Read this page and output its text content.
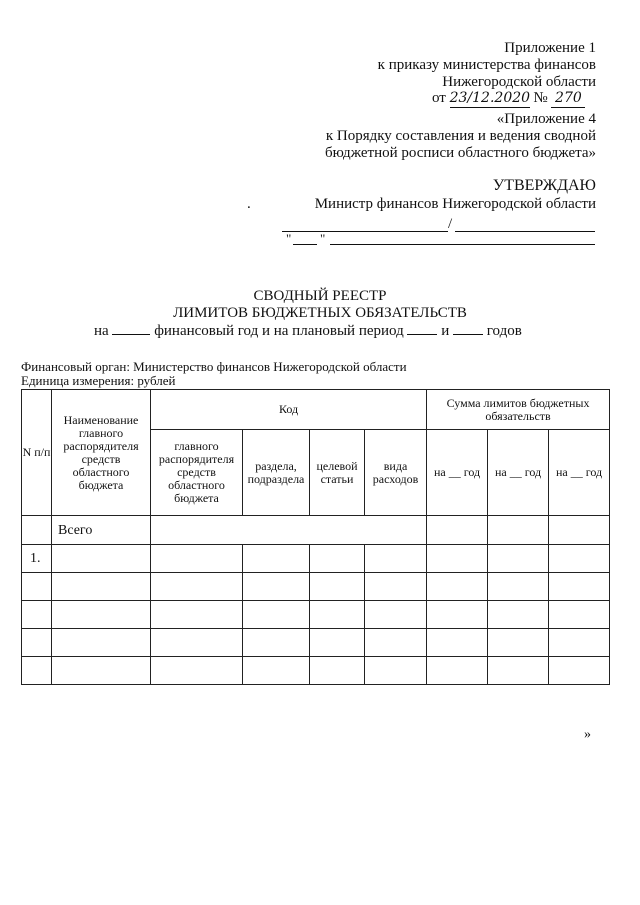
Приложение 1
к приказу министерства финансов
Нижегородской области
от 23/12.2020 № 270
«Приложение 4
к Порядку составления и ведения сводной
бюджетной росписи областного бюджета»
УТВЕРЖДАЮ
.	Министр финансов Нижегородской области
/
" "
СВОДНЫЙ РЕЕСТР
ЛИМИТОВ БЮДЖЕТНЫХ ОБЯЗАТЕЛЬСТВ
на	финансовый год и на плановый период	и	годов
Финансовый орган: Министерство финансов Нижегородской области
Единица измерения: рублей
N п/п	Наименование главного распорядителя средств областного бюджета	Код				Сумма лимитов бюджетных обязательств		
		главного распорядителя средств областного бюджета	раздела, подраздела	целевой статьи	вида расходов	на __ год	на __ год	на __ год
	Всего							
1.								

»
